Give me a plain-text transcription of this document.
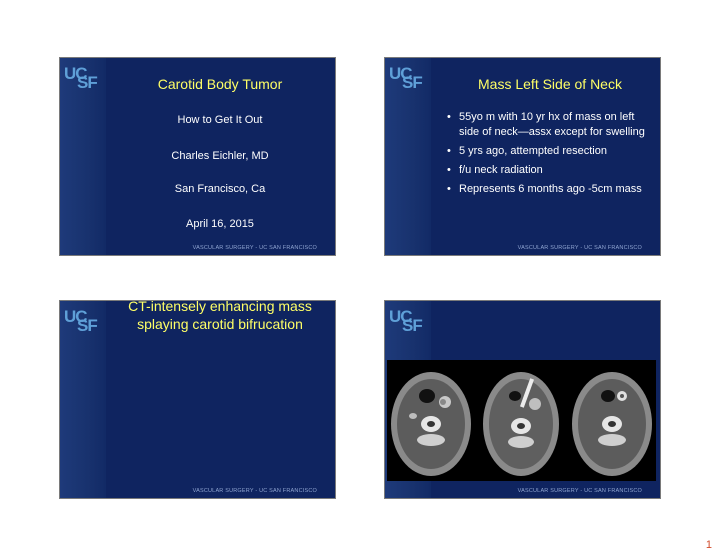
UC
SF	Carotid Body Tumor
How to Get It Out
Charles Eichler, MD
San Francisco, Ca
April 16, 2015
VASCULAR SURGERY - UC SAN FRANCISCO
UC
SF	Mass Left Side of Neck
• 55yo m with 10 yr hx of mass on left side of neck—assx except for swelling
• 5 yrs ago, attempted resection
• f/u neck radiation
• Represents 6 months ago -5cm mass
VASCULAR SURGERY - UC SAN FRANCISCO
UC
SF
CT-intensely enhancing mass splaying carotid bifrucation
VASCULAR SURGERY - UC SAN FRANCISCO
UC
SF
VASCULAR SURGERY - UC SAN FRANCISCO
1
